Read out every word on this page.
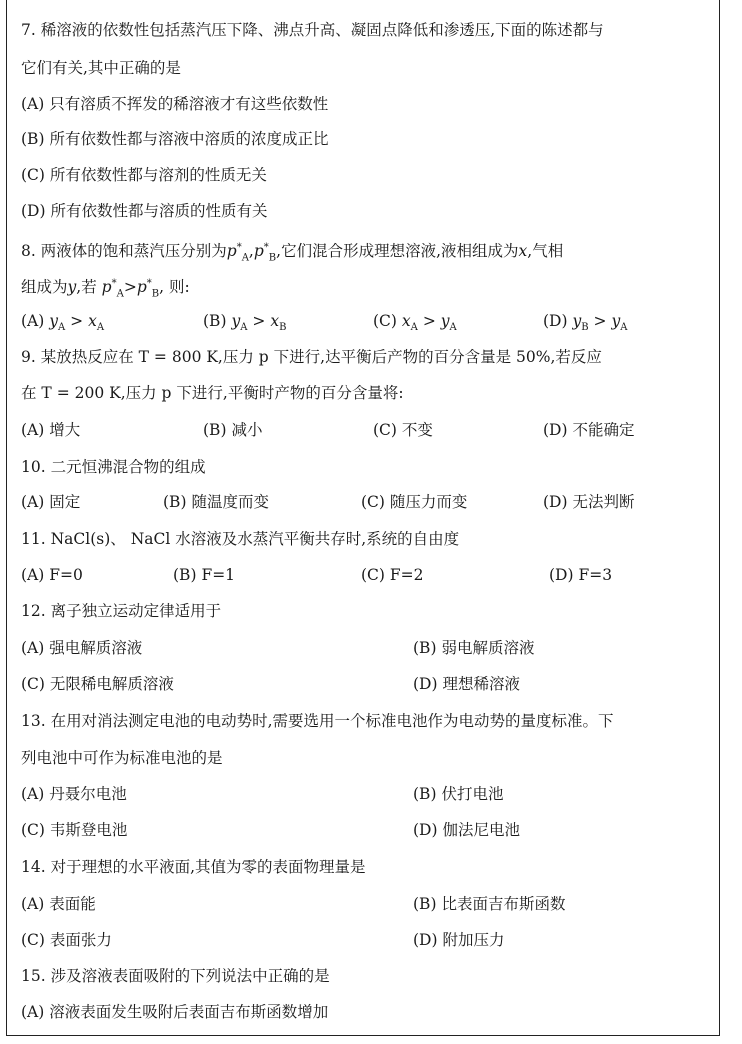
7. 稀溶液的依数性包括蒸汽压下降、沸点升高、凝固点降低和渗透压,下面的陈述都与
它们有关,其中正确的是
(A) 只有溶质不挥发的稀溶液才有这些依数性
(B) 所有依数性都与溶液中溶质的浓度成正比
(C) 所有依数性都与溶剂的性质无关
(D) 所有依数性都与溶质的性质有关
8. 两液体的饱和蒸汽压分别为$p^*_A,p^*_B$,它们混合形成理想溶液,液相组成为x,气相
组成为y,若 $p^*_A>p^*_B$, 则:
(A) $y_A > x_A$	(B) $y_A > x_B$	(C) $x_A > y_A$	(D) $y_B > y_A$
9. 某放热反应在 T = 800 K,压力 p 下进行,达平衡后产物的百分含量是 50%,若反应
在 T = 200 K,压力 p 下进行,平衡时产物的百分含量将:
(A) 增大	(B) 减小	(C) 不变	(D) 不能确定
10. 二元恒沸混合物的组成
(A) 固定	(B) 随温度而变	(C) 随压力而变	(D) 无法判断
11. NaCl(s)、 NaCl 水溶液及水蒸汽平衡共存时,系统的自由度
(A) F=0	(B) F=1	(C) F=2	(D) F=3
12. 离子独立运动定律适用于
(A) 强电解质溶液	(B) 弱电解质溶液
(C) 无限稀电解质溶液	(D) 理想稀溶液
13. 在用对消法测定电池的电动势时,需要选用一个标准电池作为电动势的量度标准。下
列电池中可作为标准电池的是
(A) 丹聂尔电池	(B) 伏打电池
(C) 韦斯登电池	(D) 伽法尼电池
14. 对于理想的水平液面,其值为零的表面物理量是
(A) 表面能	(B) 比表面吉布斯函数
(C) 表面张力	(D) 附加压力
15. 涉及溶液表面吸附的下列说法中正确的是
(A) 溶液表面发生吸附后表面吉布斯函数增加
